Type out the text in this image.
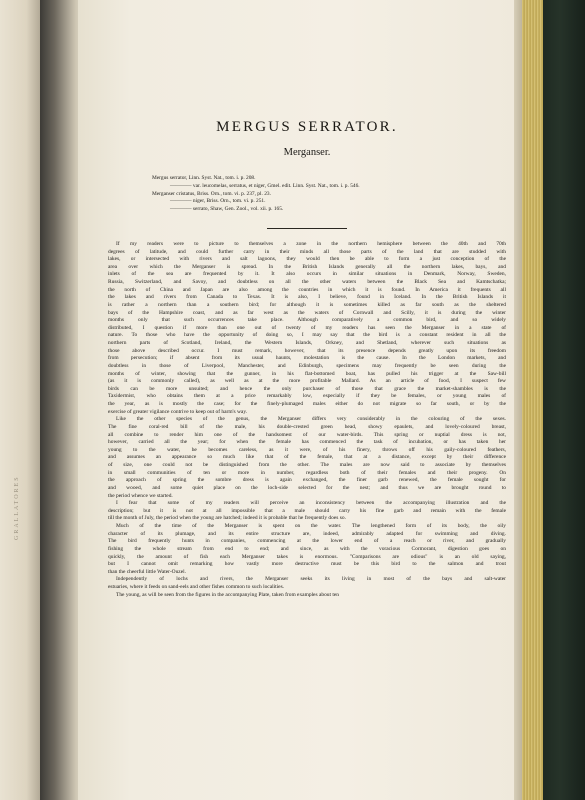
GRALLATORES
MERGUS SERRATOR.
Merganser.
Mergus serrator, Linn. Syst. Nat., tom. i. p. 208.
———— var. leucomelas, serratus, et niger, Gmel. edit. Linn. Syst. Nat., tom. i. p. 546.
Merganser cristatus, Briss. Orn., tom. vi. p. 237, pl. 23.
———— niger, Briss. Orn., tom. vi. p. 251.
———— serrato, Shaw, Gen. Zool., vol. xii. p. 165.
If my readers were to picture to themselves a zone in the northern hemisphere between the 40th and 70th
degrees of latitude, and could further carry in their minds all those parts of the land that are studded with
lakes, or intersected with rivers and salt lagoons, they would then be able to form a just conception of the
area over which the Merganser is spread. In the British Islands generally all the northern lakes, bays, and
inlets of the sea are frequented by it. It also occurs in similar situations in Denmark, Norway, Sweden,
Russia, Switzerland, and Savoy, and doubtless on all the other waters between the Black Sea and Kamtschatka;
the north of China and Japan are also among the countries in which it is found. In America it frequents all
the lakes and rivers from Canada to Texas. It is also, I believe, found in Iceland. In the British Islands it
is rather a northern than a southern bird; for although it is sometimes killed as far south as the sheltered
bays of the Hampshire coast, and as far west as the waters of Cornwall and Scilly, it is during the winter
months only that such occurrences take place. Although comparatively a common bird, and so widely
distributed, I question if more than one out of twenty of my readers has seen the Merganser in a state of
nature. To those who have the opportunity of doing so, I may say that the bird is a constant resident in all the
northern parts of Scotland, Ireland, the Western Islands, Orkney, and Shetland, wherever such situations as
those above described occur. I must remark, however, that its presence depends greatly upon its freedom
from persecution; if absent from its usual haunts, molestation is the cause. In the London markets, and
doubtless in those of Liverpool, Manchester, and Edinburgh, specimens may frequently be seen during the
months of winter, showing that the gunner, in his flat-bottomed boat, has pulled his trigger at the Saw-bill
(as it is commonly called), as well as at the more profitable Mallard. As an article of food, I suspect few
birds can be more unsuited; and hence the only purchaser of those that grace the market-shambles is the
Taxidermist, who obtains them at a price remarkably low, especially if they be females, or young males of
the year, as is mostly the case; for the finely-plumaged males either do not migrate so far south, or by the
exercise of greater vigilance contrive to keep out of harm's way.
Like the other species of the genus, the Merganser differs very considerably in the colouring of the sexes.
The fine coral-red bill of the male, his double-crested green head, showy epaulets, and lovely-coloured breast,
all combine to render him one of the handsomest of our water-birds. This spring or nuptial dress is not,
however, carried all the year; for when the female has commenced the task of incubation, or has taken her
young to the water, he becomes careless, as it were, of his finery, throws off his gaily-coloured feathers,
and assumes an appearance so much like that of the female, that at a distance, except by their difference
of size, one could not be distinguished from the other. The males are now said to associate by themselves
in small communities of ten or more in number, regardless both of their females and their progeny. On
the approach of spring the sombre dress is again exchanged, the finer garb renewed, the female sought for
and wooed, and some quiet place on the loch-side selected for the nest; and thus we are brought round to
the period whence we started.
I fear that some of my readers will perceive an inconsistency between the accompanying illustration and the
description; but it is not at all impossible that a male should carry his fine garb and remain with the female
till the month of July, the period when the young are hatched; indeed it is probable that he frequently does so.
Much of the time of the Merganser is spent on the water. The lengthened form of its body, the oily
character of its plumage, and its entire structure are, indeed, admirably adapted for swimming and diving.
The bird frequently hunts in companies, commencing at the lower end of a reach or river, and gradually
fishing the whole stream from end to end; and since, as with the voracious Cormorant, digestion goes on
quickly, the amount of fish each Merganser takes is enormous. "Comparisons are odious" is an old saying,
but I cannot omit remarking how vastly more destructive must be this bird to the salmon and trout
than the cheerful little Water-Ouzel.
Independently of lochs and rivers, the Merganser seeks its living in most of the bays and salt-water
estuaries, where it feeds on sand-eels and other fishes common to such localities.
The young, as will be seen from the figures in the accompanying Plate, taken from examples about ten
